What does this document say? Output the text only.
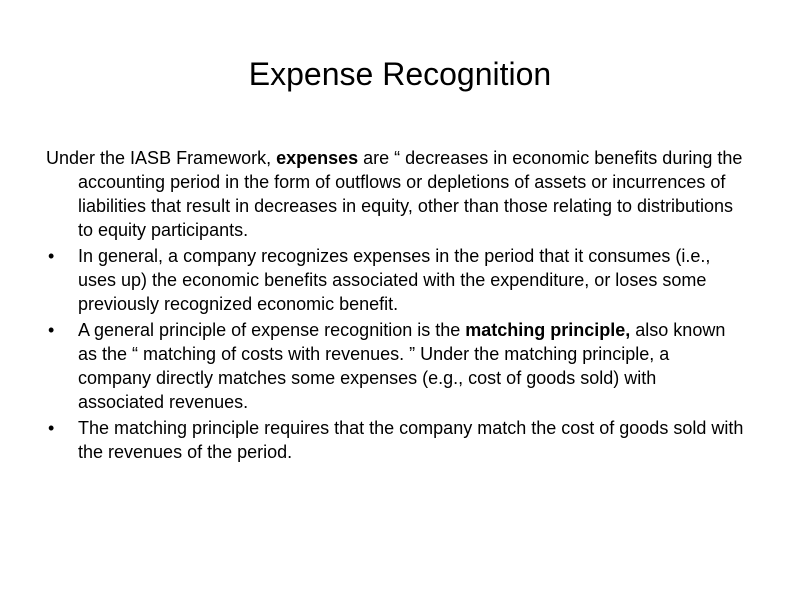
Expense Recognition

Under the IASB Framework, expenses are “ decreases in economic benefits during the accounting period in the form of outflows or depletions of assets or incurrences of liabilities that result in decreases in equity, other than those relating to distributions to equity participants.

• In general, a company recognizes expenses in the period that it consumes (i.e., uses up) the economic benefits associated with the expenditure, or loses some previously recognized economic benefit.

• A general principle of expense recognition is the matching principle, also known as the “ matching of costs with revenues. ” Under the matching principle, a company directly matches some expenses (e.g., cost of goods sold) with associated revenues.

• The matching principle requires that the company match the cost of goods sold with the revenues of the period.
